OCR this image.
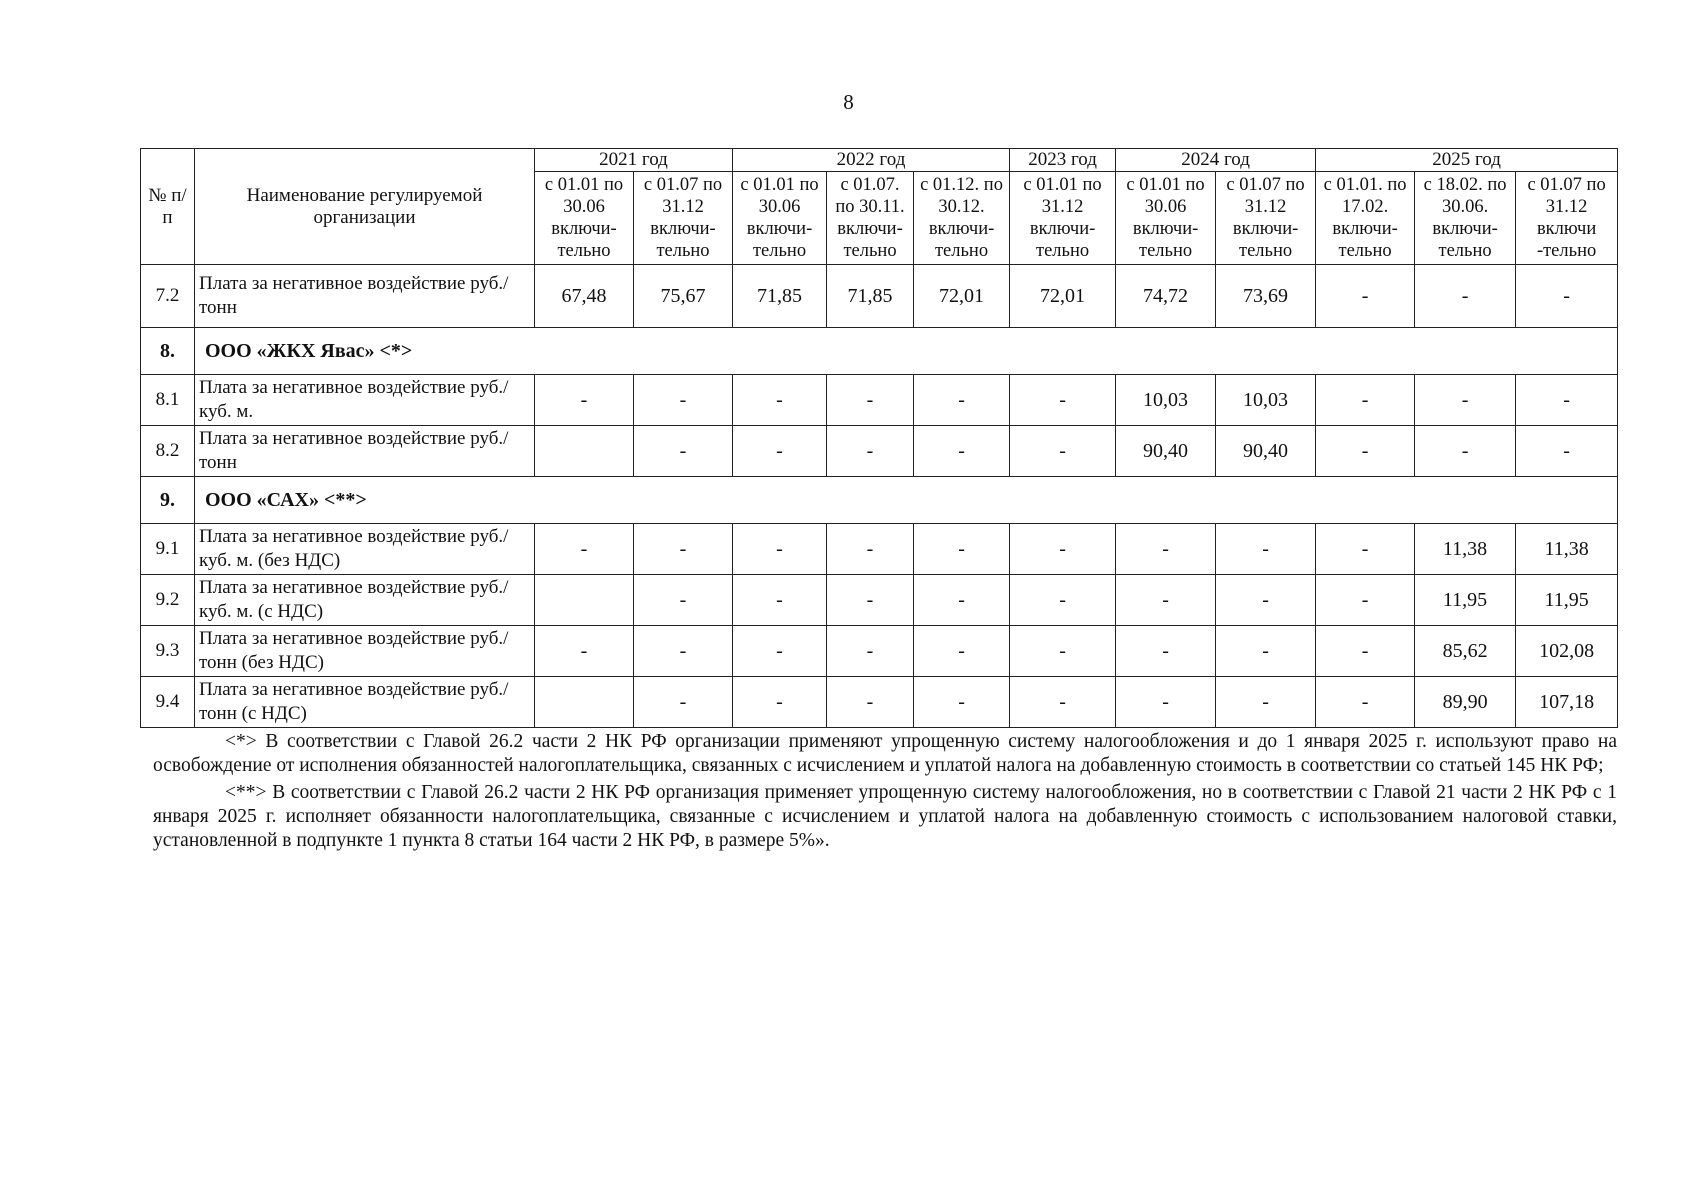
8
№ п/п	Наименование регулируемой организации	2021 год		2022 год			2023 год	2024 год		2025 год		
		с 01.01 по 30.06 включи-тельно	с 01.07 по 31.12 включи-тельно	с 01.01 по 30.06 включи-тельно	с 01.07. по 30.11. включи-тельно	с 01.12. по 30.12. включи-тельно	с 01.01 по 31.12 включи-тельно	с 01.01 по 30.06 включи-тельно	с 01.07 по 31.12 включи-тельно	с 01.01. по 17.02. включи-тельно	с 18.02. по 30.06. включи-тельно	с 01.07 по 31.12 включи -тельно
7.2	Плата за негативное воздействие руб./ тонн	67,48	75,67	71,85	71,85	72,01	72,01	74,72	73,69	-	-	-
8.	ООО «ЖКХ Явас» <*>											
8.1	Плата за негативное воздействие руб./ куб. м.	-	-	-	-	-	-	10,03	10,03	-	-	-
8.2	Плата за негативное воздействие руб./ тонн		-	-	-	-	-	90,40	90,40	-	-	-
9.	ООО «САХ» <**>											
9.1	Плата за негативное воздействие руб./ куб. м. (без НДС)	-	-	-	-	-	-	-	-	-	11,38	11,38
9.2	Плата за негативное воздействие руб./ куб. м. (с НДС)		-	-	-	-	-	-	-	-	11,95	11,95
9.3	Плата за негативное воздействие руб./ тонн (без НДС)	-	-	-	-	-	-	-	-	-	85,62	102,08
9.4	Плата за негативное воздействие руб./ тонн (с НДС)		-	-	-	-	-	-	-	-	89,90	107,18

<*> В соответствии с Главой 26.2 части 2 НК РФ организации применяют упрощенную систему налогообложения и до 1 января 2025 г. используют право на освобождение от исполнения обязанностей налогоплательщика, связанных с исчислением и уплатой налога на добавленную стоимость в соответствии со статьей 145 НК РФ;

<**> В соответствии с Главой 26.2 части 2 НК РФ организация применяет упрощенную систему налогообложения, но в соответствии с Главой 21 части 2 НК РФ с 1 января 2025 г. исполняет обязанности налогоплательщика, связанные с исчислением и уплатой налога на добавленную стоимость с использованием налоговой ставки, установленной в подпункте 1 пункта 8 статьи 164 части 2 НК РФ, в размере 5%».
